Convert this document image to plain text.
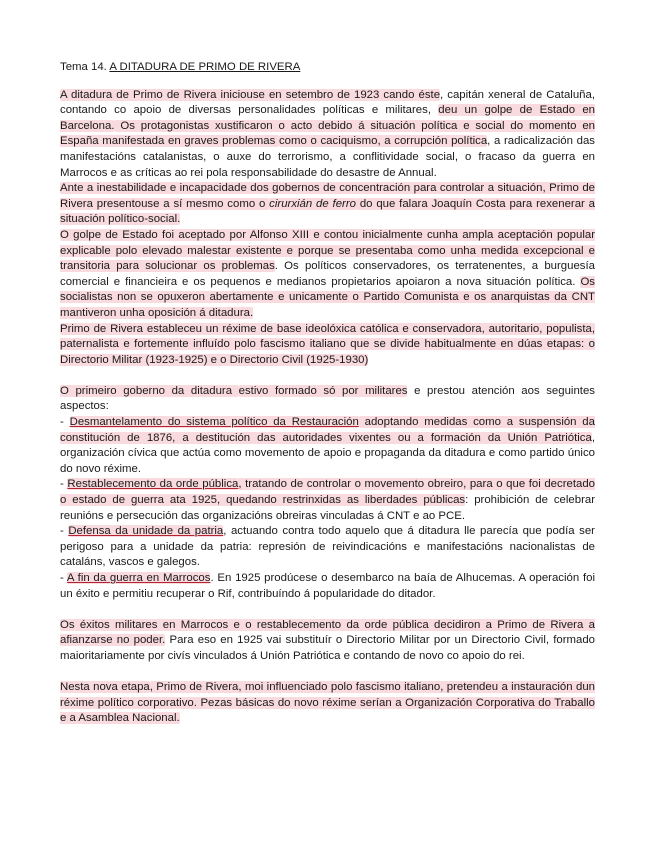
Tema 14. A DITADURA DE PRIMO DE RIVERA

A ditadura de Primo de Rivera iniciouse en setembro de 1923 cando éste, capitán xeneral de Cataluña, contando co apoio de diversas personalidades políticas e militares, deu un golpe de Estado en Barcelona. Os protagonistas xustificaron o acto debido á situación política e social do momento en España manifestada en graves problemas como o caciquismo, a corrupción política, a radicalización das manifestacións catalanistas, o auxe do terrorismo, a conflitividade social, o fracaso da guerra en Marrocos e as críticas ao rei pola responsabilidade do desastre de Annual.

Ante a inestabilidade e incapacidade dos gobernos de concentración para controlar a situación, Primo de Rivera presentouse a sí mesmo como o cirurxián de ferro do que falara Joaquín Costa para rexenerar a situación político-social.

O golpe de Estado foi aceptado por Alfonso XIII e contou inicialmente cunha ampla aceptación popular explicable polo elevado malestar existente e porque se presentaba como unha medida excepcional e transitoria para solucionar os problemas. Os políticos conservadores, os terratenentes, a burguesía comercial e financieira e os pequenos e medianos propietarios apoiaron a nova situación política. Os socialistas non se opuxeron abertamente e unicamente o Partido Comunista e os anarquistas da CNT mantiveron unha oposición á ditadura.

Primo de Rivera estableceu un réxime de base ideolóxica católica e conservadora, autoritario, populista, paternalista e fortemente influído polo fascismo italiano que se divide habitualmente en dúas etapas: o Directorio Militar (1923-1925) e o Directorio Civil (1925-1930)

O primeiro goberno da ditadura estivo formado só por militares e prestou atención aos seguintes aspectos:

- Desmantelamento do sistema político da Restauración adoptando medidas como a suspensión da constitución de 1876, a destitución das autoridades vixentes ou a formación da Unión Patriótica, organización cívica que actúa como movemento de apoio e propaganda da ditadura e como partido único do novo réxime.

- Restablecemento da orde pública, tratando de controlar o movemento obreiro, para o que foi decretado o estado de guerra ata 1925, quedando restrinxidas as liberdades públicas: prohibición de celebrar reunións e persecución das organizacións obreiras vinculadas á CNT e ao PCE.

- Defensa da unidade da patria, actuando contra todo aquelo que á ditadura lle parecía que podía ser perigoso para a unidade da patria: represión de reivindicacións e manifestacións nacionalistas de cataláns, vascos e galegos.

- A fin da guerra en Marrocos. En 1925 prodúcese o desembarco na baía de Alhucemas. A operación foi un éxito e permitiu recuperar o Rif, contribuíndo á popularidade do ditador.

Os éxitos militares en Marrocos e o restablecemento da orde pública decidiron a Primo de Rivera a afianzarse no poder. Para eso en 1925 vai substituír o Directorio Militar por un Directorio Civil, formado maioritariamente por civís vinculados á Unión Patriótica e contando de novo co apoio do rei.

Nesta nova etapa, Primo de Rivera, moi influenciado polo fascismo italiano, pretendeu a instauración dun réxime político corporativo. Pezas básicas do novo réxime serían a Organización Corporativa do Traballo e a Asamblea Nacional.
